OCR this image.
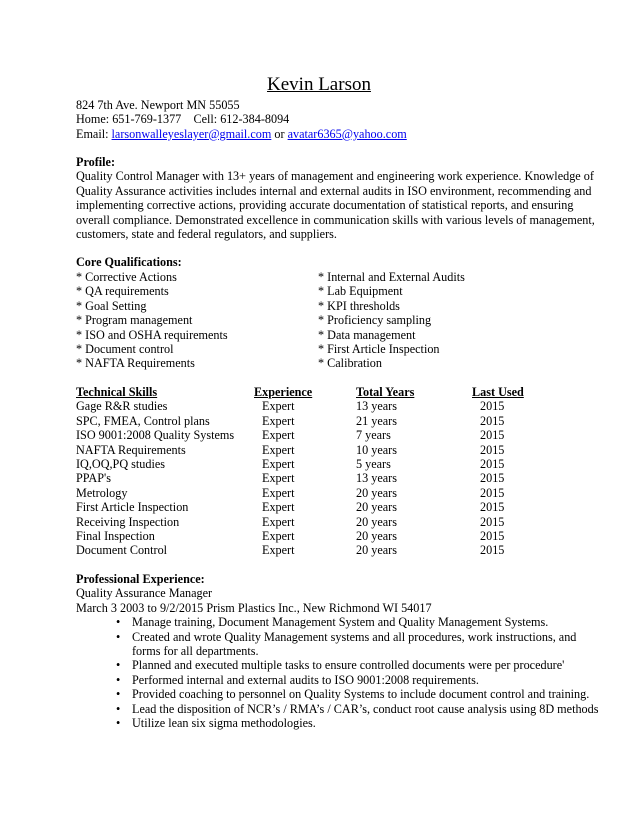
Kevin Larson
824 7th Ave. Newport MN 55055
Home: 651-769-1377    Cell: 612-384-8094
Email: larsonwalleyeslayer@gmail.com or avatar6365@yahoo.com
Profile:
Quality Control Manager with 13+ years of management and engineering work experience. Knowledge of
Quality Assurance activities includes internal and external audits in ISO environment, recommending and
implementing corrective actions, providing accurate documentation of statistical reports, and ensuring
overall compliance. Demonstrated excellence in communication skills with various levels of management,
customers, state and federal regulators, and suppliers.
Core Qualifications:
* Corrective Actions
* QA requirements
* Goal Setting
* Program management
* ISO and OSHA requirements
* Document control
* NAFTA Requirements
* Internal and External Audits
* Lab Equipment
* KPI thresholds
* Proficiency sampling
* Data management
* First Article Inspection
* Calibration
Technical Skills	Experience	Total Years	Last Used
Gage R&R studies	Expert	13 years	2015
SPC, FMEA, Control plans	Expert	21 years	2015
ISO 9001:2008 Quality Systems	Expert	7 years	2015
NAFTA Requirements	Expert	10 years	2015
IQ,OQ,PQ studies	Expert	5 years	2015
PPAP's	Expert	13 years	2015
Metrology	Expert	20 years	2015
First Article Inspection	Expert	20 years	2015
Receiving Inspection	Expert	20 years	2015
Final Inspection	Expert	20 years	2015
Document Control	Expert	20 years	2015
Professional Experience:
Quality Assurance Manager
March 3 2003 to 9/2/2015 Prism Plastics Inc., New Richmond WI 54017
• Manage training, Document Management System and Quality Management Systems.
• Created and wrote Quality Management systems and all procedures, work instructions, and
forms for all departments.
• Planned and executed multiple tasks to ensure controlled documents were per procedure'
• Performed internal and external audits to ISO 9001:2008 requirements.
• Provided coaching to personnel on Quality Systems to include document control and training.
• Lead the disposition of NCR’s / RMA’s / CAR’s, conduct root cause analysis using 8D methods
• Utilize lean six sigma methodologies.
